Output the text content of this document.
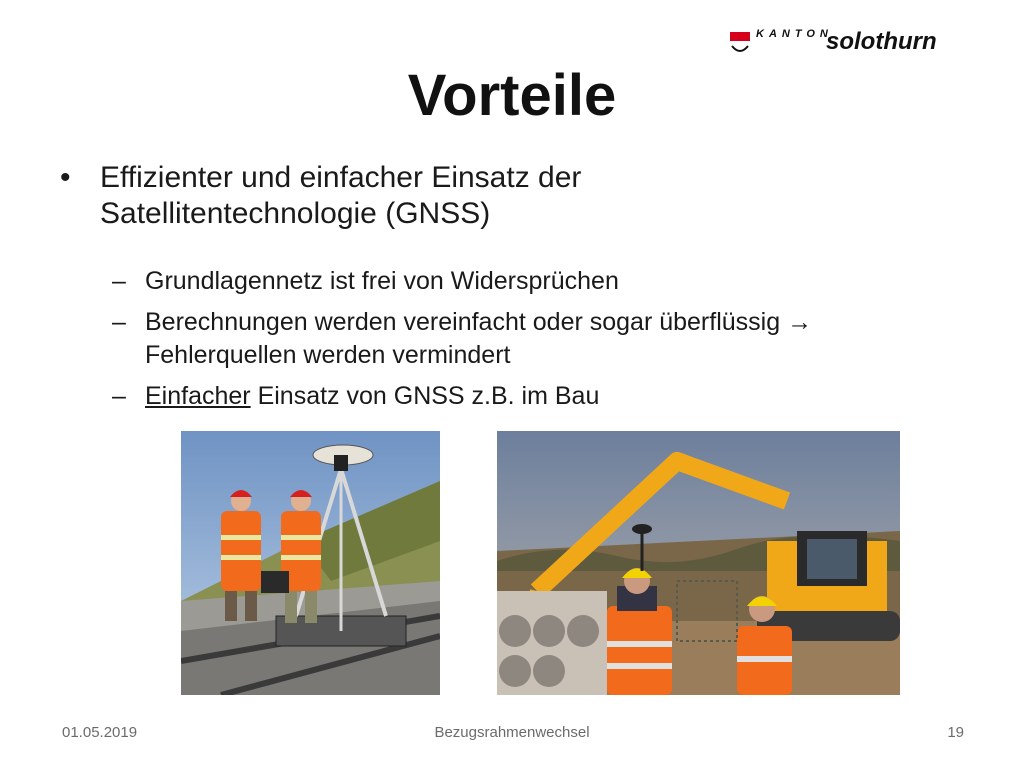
KANTON
solothurn
Vorteile
• Effizienter und einfacher Einsatz der
Satellitentechnologie (GNSS)
– Grundlagennetz ist frei von Widersprüchen
– Berechnungen werden vereinfacht oder sogar überflüssig →
Fehlerquellen werden vermindert
– Einfacher Einsatz von GNSS z.B. im Bau
01.05.2019	Bezugsrahmenwechsel	19
